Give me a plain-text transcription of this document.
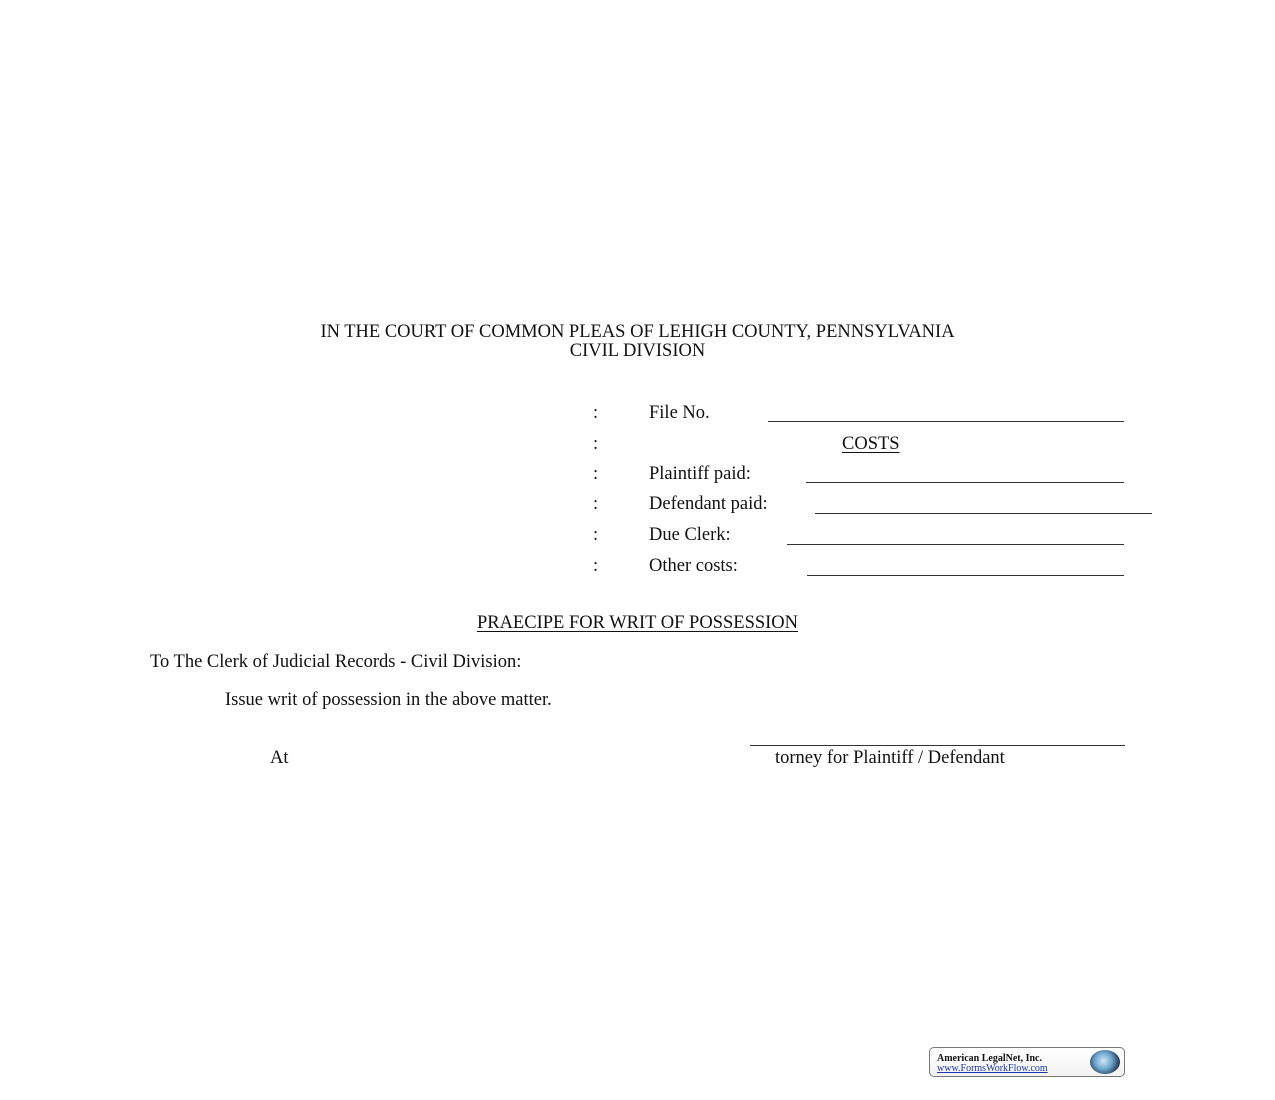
IN THE COURT OF COMMON PLEAS OF LEHIGH COUNTY, PENNSYLVANIA
CIVIL DIVISION
:	File No.
:	COSTS
:	Plaintiff paid:
:	Defendant paid:
:	Due Clerk:
:	Other costs:
PRAECIPE FOR WRIT OF POSSESSION
To The Clerk of Judicial Records - Civil Division:
Issue writ of possession in the above matter.
At	torney for Plaintiff / Defendant
American LegalNet, Inc.
www.FormsWorkFlow.com
